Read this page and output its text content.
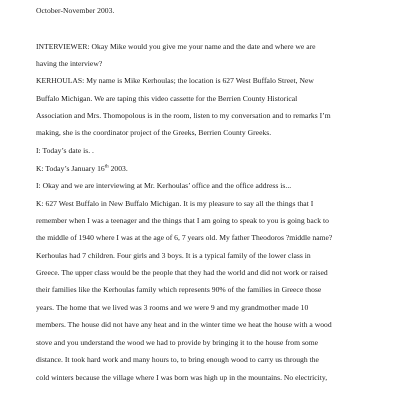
October-November 2003.
INTERVIEWER: Okay Mike would you give me your name and the date and where we are
having the interview?
KERHOULAS: My name is Mike Kerhoulas; the location is 627 West Buffalo Street, New
Buffalo Michigan. We are taping this video cassette for the Berrien County Historical
Association and Mrs. Thomopolous is in the room, listen to my conversation and to remarks I’m
making, she is the coordinator project of the Greeks, Berrien County Greeks.
I: Today’s date is. .
K: Today’s January 16th 2003.
I: Okay and we are interviewing at Mr. Kerhoulas’ office and the office address is...
K: 627 West Buffalo in New Buffalo Michigan. It is my pleasure to say all the things that I
remember when I was a teenager and the things that I am going to speak to you is going back to
the middle of 1940 where I was at the age of 6, 7 years old. My father Theodoros ?middle name?
Kerhoulas had 7 children. Four girls and 3 boys. It is a typical family of the lower class in
Greece. The upper class would be the people that they had the world and did not work or raised
their families like the Kerhoulas family which represents 90% of the families in Greece those
years. The home that we lived was 3 rooms and we were 9 and my grandmother made 10
members. The house did not have any heat and in the winter time we heat the house with a wood
stove and you understand the wood we had to provide by bringing it to the house from some
distance. It took hard work and many hours to, to bring enough wood to carry us through the
cold winters because the village where I was born was high up in the mountains. No electricity,
